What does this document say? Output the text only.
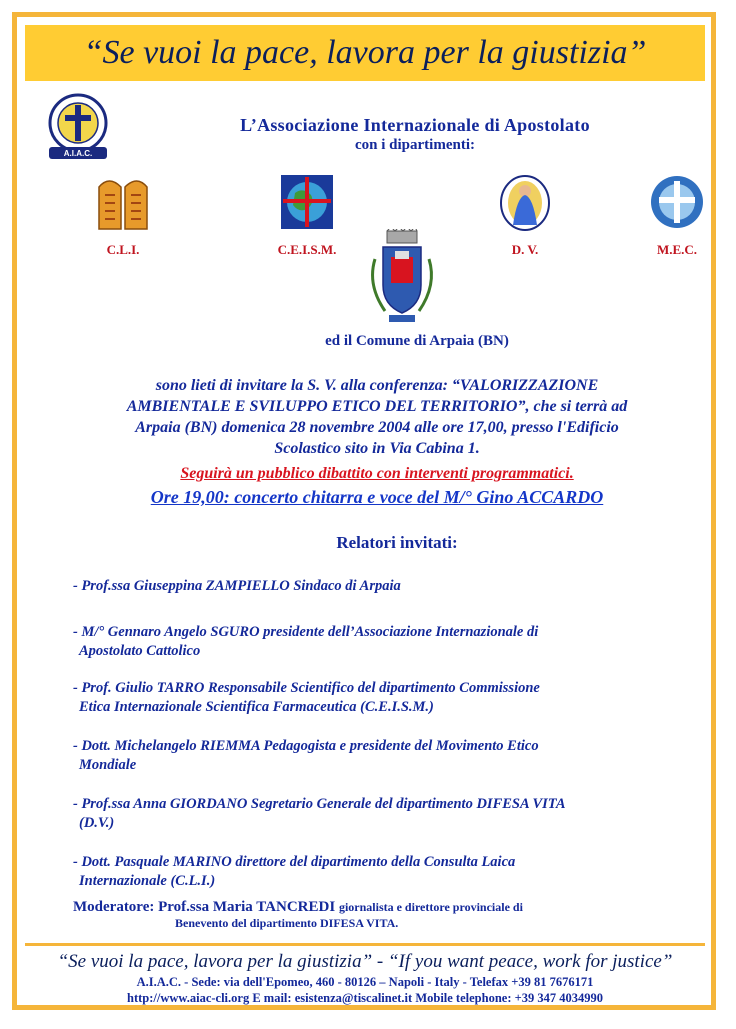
“Se vuoi la pace, lavora per la giustizia”
A.I.A.C.
L’Associazione Internazionale di Apostolato
con i dipartimenti:
C.L.I.	C.E.I.S.M.	D. V.	M.E.C.
ed il Comune di Arpaia (BN)
sono lieti di invitare la S. V. alla conferenza: “VALORIZZAZIONE
AMBIENTALE E SVILUPPO ETICO DEL TERRITORIO”, che si terrà ad
Arpaia (BN) domenica 28 novembre 2004 alle ore 17,00, presso l'Edificio
Scolastico sito in Via Cabina 1.
Seguirà un pubblico dibattito con interventi programmatici.
Ore 19,00: concerto chitarra e voce del M/° Gino ACCARDO
Relatori invitati:
- Prof.ssa Giuseppina ZAMPIELLO Sindaco di Arpaia
- M/° Gennaro Angelo SGURO presidente dell’Associazione Internazionale di
Apostolato Cattolico
- Prof. Giulio TARRO Responsabile Scientifico del dipartimento Commissione
Etica Internazionale Scientifica Farmaceutica (C.E.I.S.M.)
- Dott. Michelangelo RIEMMA Pedagogista e presidente del Movimento Etico
Mondiale
- Prof.ssa Anna GIORDANO Segretario Generale del dipartimento DIFESA VITA
(D.V.)
- Dott. Pasquale MARINO direttore del dipartimento della Consulta Laica
Internazionale (C.L.I.)
Moderatore: Prof.ssa Maria TANCREDI giornalista e direttore provinciale di
Benevento del dipartimento DIFESA VITA.
“Se vuoi la pace, lavora per la giustizia” - “If you want peace, work for justice”
A.I.A.C. - Sede: via dell'Epomeo, 460 - 80126 – Napoli - Italy - Telefax +39 81 7676171
http://www.aiac-cli.org E mail: esistenza@tiscalinet.it Mobile telephone: +39 347 4034990
